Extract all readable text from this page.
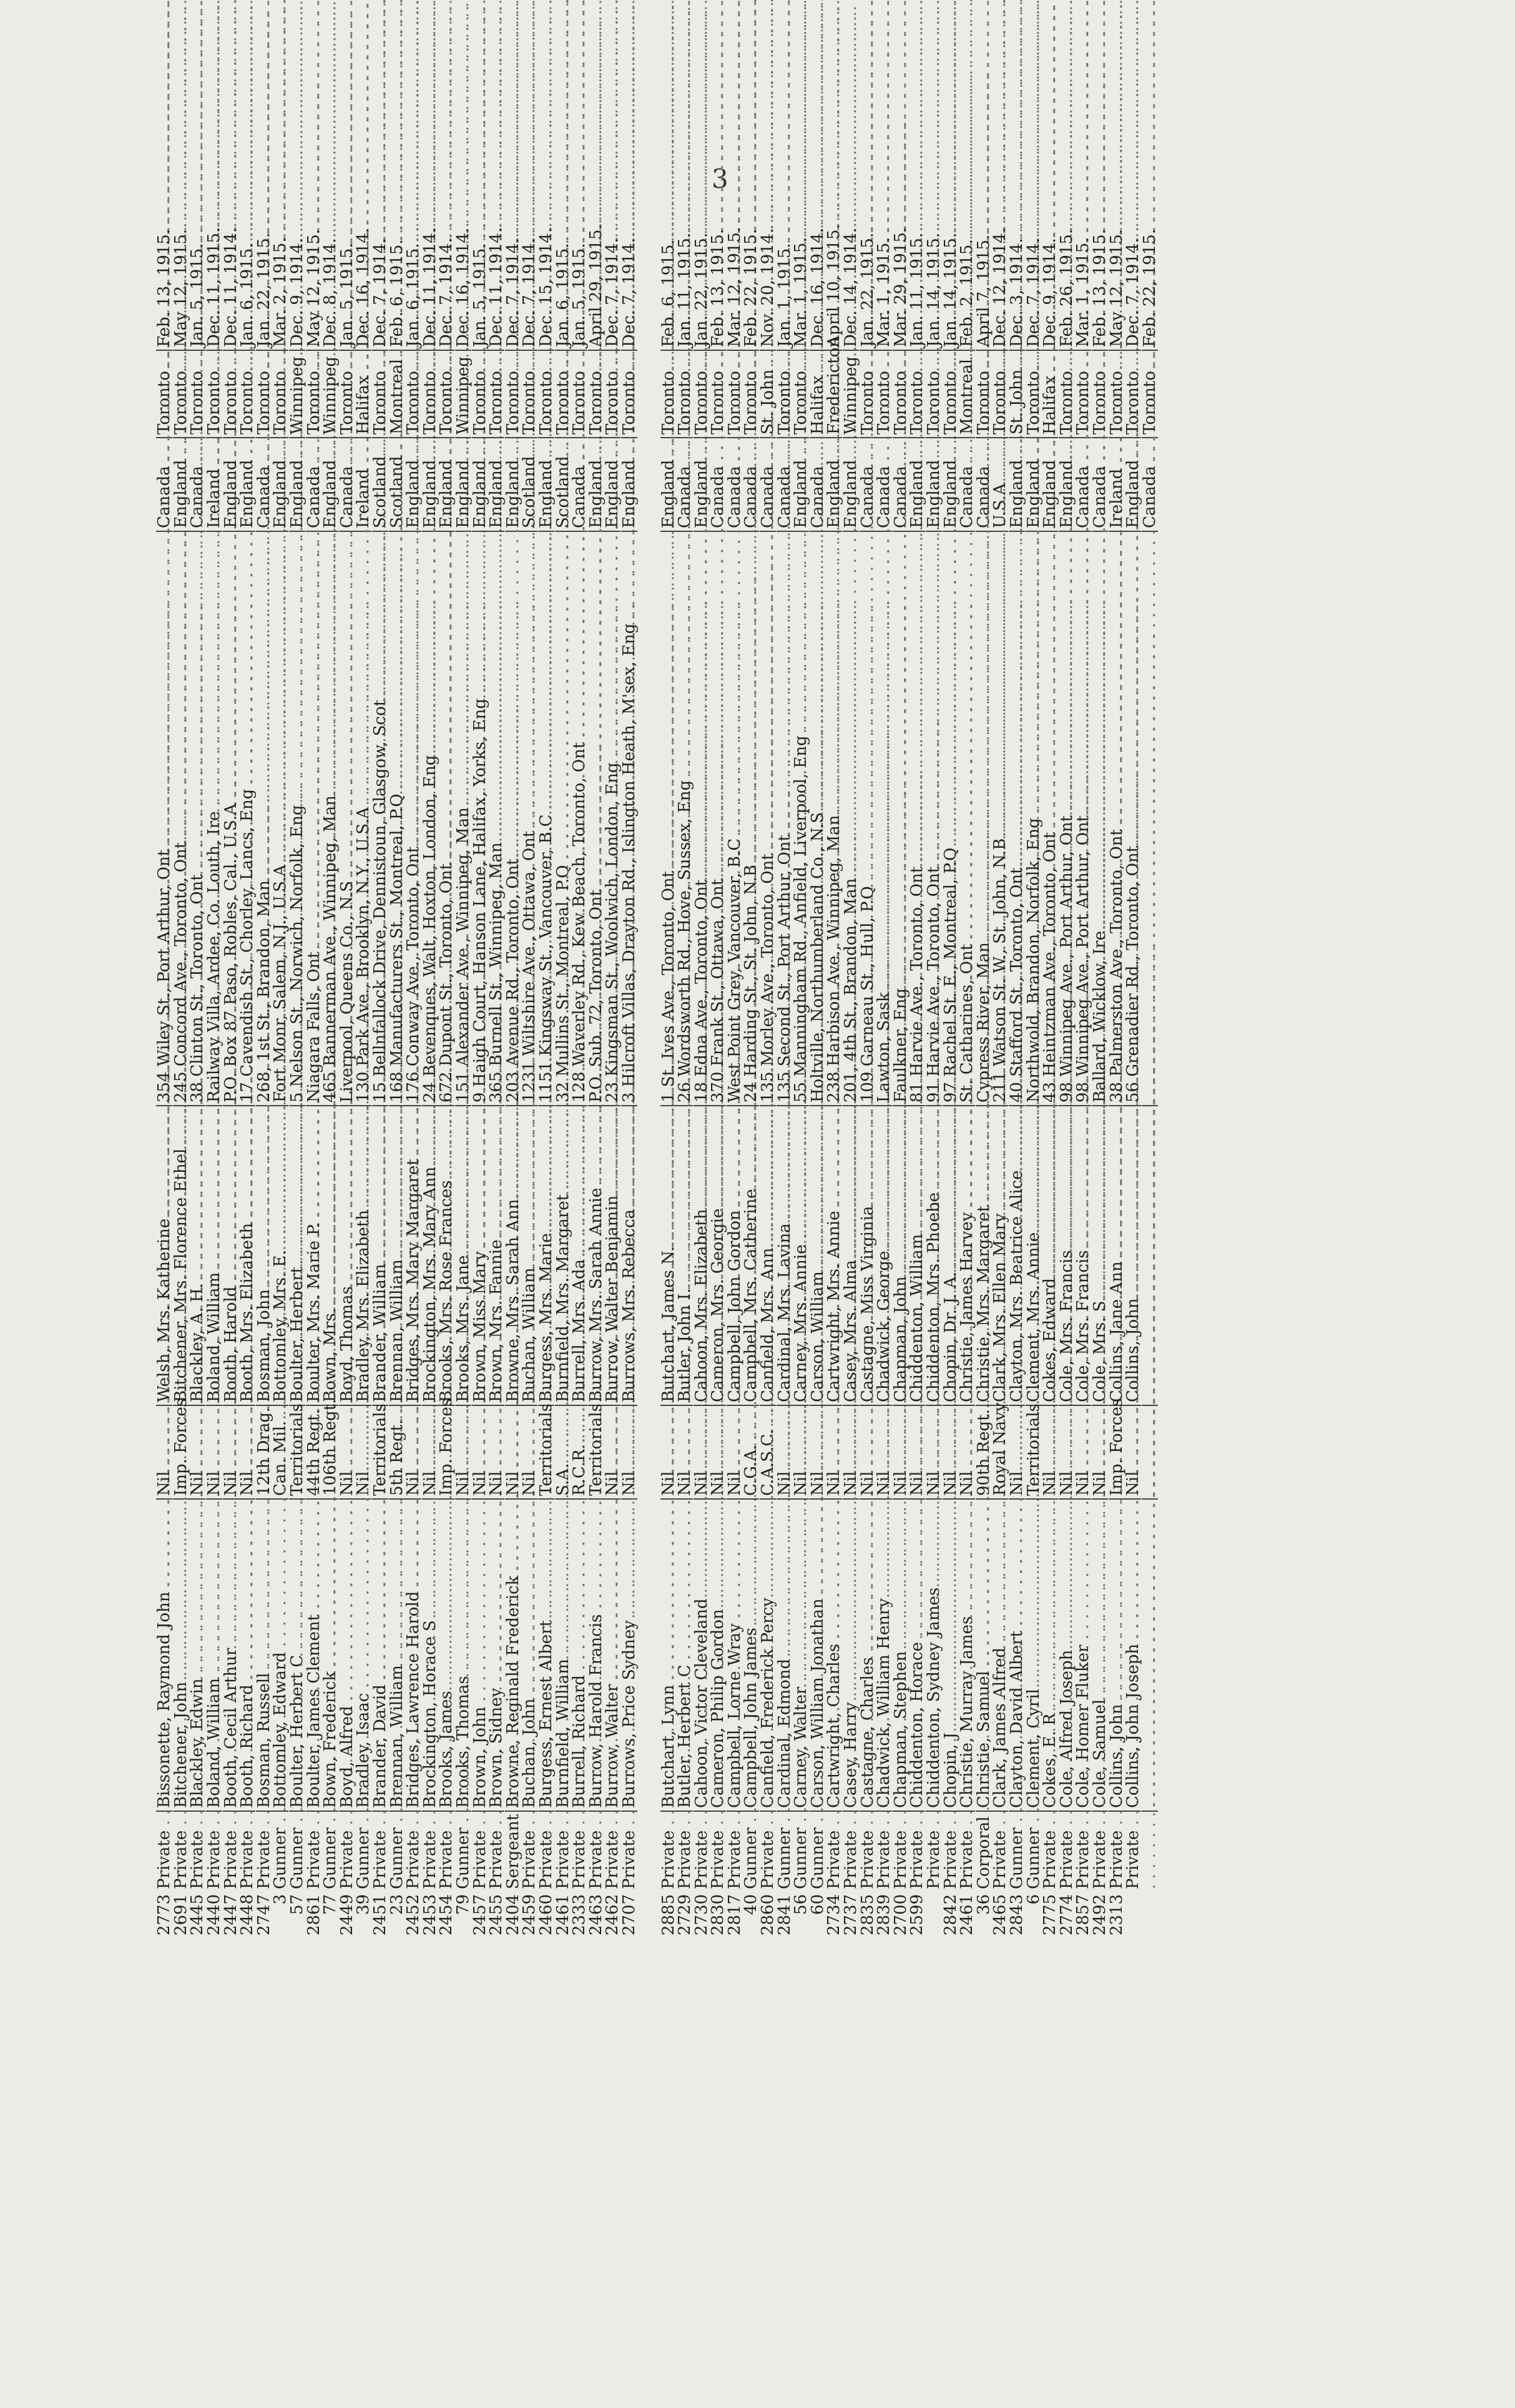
3
2773
Private . . .
Bissonette, Raymond John . . .
Nil . . .
Welsh, Mrs. Katherine . . .
354 Wiley St., Port Arthur, Ont . . .
Canada . . .
Toronto . . .
Feb. 13, 1915.
2691
Private . . .
Bitchener, John . . .
Imp. Forces . . .
Bitchener, Mrs. Florence Ethel . . .
245 Concord Ave., Toronto, Ont . . .
England . . .
Toronto . . .
May 12, 1915.
2445
Private . . .
Blackley, Edwin . . .
Nil . . .
Blackley, A. H. . . .
38 Clinton St., Toronto, Ont . . .
Canada . . .
Toronto . . .
Jan. 5, 1915.
2440
Private . . .
Boland, William . . .
Nil . . .
Boland, William . . .
Railway Villa, Ardee, Co. Louth, Ire . . .
Ireland . . .
Toronto . . .
Dec. 11, 1915.
2447
Private . . .
Booth, Cecil Arthur . . .
Nil . . .
Booth, Harold . . .
P.O. Box 87 Paso, Robles, Cal., U.S.A . . .
England . . .
Toronto . . .
Dec. 11, 1914.
2448
Private . . .
Booth, Richard . . .
Nil . . .
Booth, Mrs. Elizabeth . . .
17 Cavendish St., Chorley, Lancs, Eng . . .
England . . .
Toronto . . .
Jan. 6, 1915.
2747
Private . . .
Bosman, Russell . . .
12th Drag. . . .
Bosman, John . . .
268, 1st St., Brandon, Man . . .
Canada . . .
Toronto . . .
Jan. 22, 1915.
3
Gunner . . .
Bottomley, Edward . . .
Can. Mil. . . .
Bottomley, Mrs. E. . . .
Fort Monr, Salem, N.J., U.S.A . . .
England . . .
Toronto . . .
Mar. 2, 1915.
57
Gunner . . .
Boulter, Herbert C . . .
Territorials . . .
Boulter, Herbert . . .
5 Nelson St., Norwich, Norfolk, Eng . . .
England . . .
Winnipeg . . .
Dec. 9, 1914.
2861
Private . . .
Boulter, James Clement . . .
44th Regt. . . .
Boulter, Mrs. Marie P. . . .
Niagara Falls, Ont . . .
Canada . . .
Toronto . . .
May 12, 1915.
77
Gunner . . .
Bown, Frederick . . .
106th Regt. . . .
Bown, Mrs. . . .
465 Bannerman Ave., Winnipeg, Man . . .
England . . .
Winnipeg . . .
Dec. 8, 1914.
2449
Private . . .
Boyd, Alfred . . .
Nil . . .
Boyd, Thomas . . .
Liverpool, Queens Co., N.S . . .
Canada . . .
Toronto . . .
Jan. 5, 1915.
39
Gunner . . .
Bradley, Isaac . . .
Nil . . .
Bradley, Mrs. Elizabeth . . .
130 Park Ave., Brooklyn, N.Y., U.S.A . . .
Ireland . . .
Halifax . . .
Dec. 16, 1914.
2451
Private . . .
Brander, David . . .
Territorials . . .
Brander, William . . .
15 Bellnfallock Drive, Dennistoun, Glasgow, Scot . . .
Scotland . . .
Toronto . . .
Dec. 7, 1914.
23
Gunner . . .
Brennan, William . . .
5th Regt. . . .
Brennan, William . . .
168 Manufacturers St., Montreal, P.Q . . .
Scotland . . .
Montreal . . .
Feb. 6, 1915.
2452
Private . . .
Bridges, Lawrence Harold . . .
Nil . . .
Bridges, Mrs. Mary Margaret . . .
176 Conway Ave., Toronto, Ont . . .
England . . .
Toronto . . .
Jan. 6, 1915.
2453
Private . . .
Brockington, Horace S . . .
Nil . . .
Brockington, Mrs. Mary Ann . . .
24 Bevenques, Walt, Hoxton, London, Eng . . .
England . . .
Toronto . . .
Dec. 11, 1914.
2454
Private . . .
Brooks, James . . .
Imp. Forces . . .
Brooks, Mrs. Rose Frances . . .
672 Dupont St., Toronto, Ont . . .
England . . .
Toronto . . .
Dec. 7, 1914.
79
Gunner . . .
Brooks, Thomas . . .
Nil . . .
Brooks, Mrs. Jane . . .
151 Alexander Ave., Winnipeg, Man . . .
England . . .
Winnipeg . . .
Dec. 16, 1914.
2457
Private . . .
Brown, John . . .
Nil . . .
Brown, Miss Mary . . .
9 Haigh Court, Hanson Lane, Halifax, Yorks, Eng . . .
England . . .
Toronto . . .
Jan. 5, 1915.
2455
Private . . .
Brown, Sidney . . .
Nil . . .
Brown, Mrs. Fannie . . .
365 Burnell St., Winnipeg, Man . . .
England . . .
Toronto . . .
Dec. 11, 1914.
2404
Sergeant . . .
Browne, Reginald Frederick . . .
Nil . . .
Browne, Mrs. Sarah Ann . . .
203 Avenue Rd., Toronto, Ont . . .
England . . .
Toronto . . .
Dec. 7, 1914.
2459
Private . . .
Buchan, John . . .
Nil . . .
Buchan, William . . .
1231 Wiltshire Ave., Ottawa, Ont . . .
Scotland . . .
Toronto . . .
Dec. 7, 1914.
2460
Private . . .
Burgess, Ernest Albert . . .
Territorials . . .
Burgess, Mrs. Marie . . .
1151 Kingsway St., Vancouver, B.C . . .
England . . .
Toronto . . .
Dec. 15, 1914.
2461
Private . . .
Burnfield, William . . .
S.A. . . .
Burnfield, Mrs. Margaret . . .
32 Mullins St., Montreal, P.Q . . .
Scotland . . .
Toronto . . .
Jan. 6, 1915.
2333
Private . . .
Burrell, Richard . . .
R.C.R. . . .
Burrell, Mrs. Ada . . .
128 Waverley Rd., Kew Beach, Toronto, Ont . . .
Canada . . .
Toronto . . .
Jan. 5, 1915.
2463
Private . . .
Burrow, Harold Francis . . .
Territorials . . .
Burrow, Mrs. Sarah Annie . . .
P.O. Sub. 72, Toronto, Ont . . .
England . . .
Toronto . . .
April 29, 1915.
2462
Private . . .
Burrow, Walter . . .
Nil . . .
Burrow, Walter Benjamin . . .
23 Kingsman St., Woolwich, London, Eng . . .
England . . .
Toronto . . .
Dec. 7, 1914.
2707
Private . . .
Burrows, Price Sydney . . .
Nil . . .
Burrows, Mrs. Rebecca . . .
3 Hilcroft Villas, Drayton Rd., Islington Heath, M'sex, Eng . . .
England . . .
Toronto . . .
Dec. 7, 1914.
2885
Private . . .
Butchart, Lynn . . .
Nil . . .
Butchart, James N. . . .
1 St. Ives Ave., Toronto, Ont . . .
England . . .
Toronto . . .
Feb. 6, 1915.
2729
Private . . .
Butler, Herbert C . . .
Nil . . .
Butler, John I. . . .
26 Wordsworth Rd., Hove, Sussex, Eng . . .
Canada . . .
Toronto . . .
Jan. 11, 1915.
2730
Private . . .
Cahoon, Victor Cleveland . . .
Nil . . .
Cahoon, Mrs. Elizabeth . . .
18 Edna Ave., Toronto, Ont . . .
England . . .
Toronto . . .
Jan. 22, 1915.
2830
Private . . .
Cameron, Philip Gordon . . .
Nil . . .
Cameron, Mrs. Georgie . . .
370 Frank St., Ottawa, Ont . . .
Canada . . .
Toronto . . .
Feb. 13, 1915.
2817
Private . . .
Campbell, Lorne Wray . . .
Nil . . .
Campbell, John Gordon . . .
West Point Grey, Vancouver, B.C . . .
Canada . . .
Toronto . . .
Mar. 12, 1915.
40
Gunner . . .
Campbell, John James . . .
C.G.A. . . .
Campbell, Mrs. Catherine . . .
24 Harding St., St. John, N.B . . .
Canada . . .
Toronto . . .
Feb. 22, 1915.
2860
Private . . .
Canfield, Frederick Percy . . .
C.A.S.C. . . .
Canfield, Mrs. Ann . . .
135 Morley Ave., Toronto, Ont . . .
Canada . . .
St. John . . .
Nov. 20, 1914.
2841
Gunner . . .
Cardinal, Edmond . . .
Nil . . .
Cardinal, Mrs. Lavina . . .
135 Second St., Port Arthur, Ont . . .
Canada . . .
Toronto . . .
Jan. 1, 1915.
56
Gunner . . .
Carney, Walter . . .
Nil . . .
Carney, Mrs. Annie . . .
55 Manningham Rd., Anfield, Liverpool, Eng . . .
England . . .
Toronto . . .
Mar. 1, 1915.
60
Gunner . . .
Carson, William Jonathan . . .
Nil . . .
Carson, William . . .
Holtville, Northumberland Co., N.S . . .
Canada . . .
Halifax . . .
Dec. 16, 1914.
2734
Private . . .
Cartwright, Charles . . .
Nil . . .
Cartwright, Mrs. Annie . . .
238 Harbison Ave., Winnipeg, Man . . .
England . . .
Fredericton . . .
April 10, 1915.
2737
Private . . .
Casey, Harry . . .
Nil . . .
Casey, Mrs. Alma . . .
201, 4th St., Brandon, Man . . .
England . . .
Winnipeg . . .
Dec. 14, 1914.
2835
Private . . .
Castagne, Charles . . .
Nil . . .
Castagne, Miss Virginia . . .
109 Garneau St., Hull, P.Q . . .
Canada . . .
Toronto . . .
Jan. 22, 1915.
2839
Private . . .
Chadwick, William Henry . . .
Nil . . .
Chadwick, George . . .
Lawton, Sask . . .
Canada . . .
Toronto . . .
Mar. 1, 1915.
2700
Private . . .
Chapman, Stephen . . .
Nil . . .
Chapman, John . . .
Faulkner, Eng . . .
Canada . . .
Toronto . . .
Mar. 29, 1915.
2599
Private . . .
Chiddenton, Horace . . .
Nil . . .
Chiddenton, William . . .
81 Harvie Ave., Toronto, Ont . . .
England . . .
Toronto . . .
Jan. 11, 1915.
Private . . .
Chiddenton, Sydney James . . .
Nil . . .
Chiddenton, Mrs. Phoebe . . .
91 Harvie Ave., Toronto, Ont . . .
England . . .
Toronto . . .
Jan. 14, 1915.
2842
Private . . .
Chopin, J . . .
Nil . . .
Chopin, Dr. J. A. . . .
97 Rachel St. E., Montreal, P.Q . . .
England . . .
Toronto . . .
Jan. 14, 1915.
2461
Private . . .
Christie, Murray James . . .
Nil . . .
Christie, James Harvey . . .
St. Catharines, Ont . . .
Canada . . .
Montreal . . .
Feb. 2, 1915.
36
Corporal . . .
Christie, Samuel . . .
90th Regt. . . .
Christie, Mrs. Margaret . . .
Cypress River, Man . . .
Canada . . .
Toronto . . .
April 7, 1915.
2465
Private . . .
Clark, James Alfred . . .
Royal Navy . . .
Clark, Mrs. Ellen Mary . . .
211 Watson St. W., St. John, N.B . . .
U.S.A . . .
Toronto . . .
Dec. 12, 1914.
2843
Gunner . . .
Clayton, David Albert . . .
Nil . . .
Clayton, Mrs. Beatrice Alice . . .
40 Stafford St., Toronto, Ont . . .
England . . .
St. John . . .
Dec. 3, 1914.
6
Gunner . . .
Clement, Cyril . . .
Territorials . . .
Clement, Mrs. Annie . . .
Northwold, Brandon, Norfolk, Eng . . .
England . . .
Toronto . . .
Dec. 7, 1914.
2775
Private . . .
Cokes, E. R . . .
Nil . . .
Cokes, Edward . . .
43 Heintzman Ave., Toronto, Ont . . .
England . . .
Halifax . . .
Dec. 9, 1914.
2774
Private . . .
Cole, Alfred Joseph . . .
Nil . . .
Cole, Mrs. Francis . . .
98 Winnipeg Ave., Port Arthur, Ont . . .
England . . .
Toronto . . .
Feb. 26, 1915.
2857
Private . . .
Cole, Homer Fluker . . .
Nil . . .
Cole, Mrs. Francis . . .
98 Winnipeg Ave., Port Arthur, Ont . . .
Canada . . .
Toronto . . .
Mar. 1, 1915.
2492
Private . . .
Cole, Samuel . . .
Nil . . .
Cole, Mrs. S . . .
Ballard, Wicklow, Ire . . .
Canada . . .
Toronto . . .
Feb. 13, 1915.
2313
Private . . .
Collins, John . . .
Imp. Forces . . .
Collins, Jane Ann . . .
38 Palmerston Ave., Toronto, Ont . . .
Ireland . . .
Toronto . . .
May 12, 1915.
Private . . .
Collins, John Joseph . . .
Nil . . .
Collins, John . . .
56 Grenadier Rd., Toronto, Ont . . .
England . . .
Toronto . . .
Dec. 7, 1914.
. . .
. . .
. . .
. . .
. . .
Canada . . .
Toronto . . .
Feb. 22, 1915.
